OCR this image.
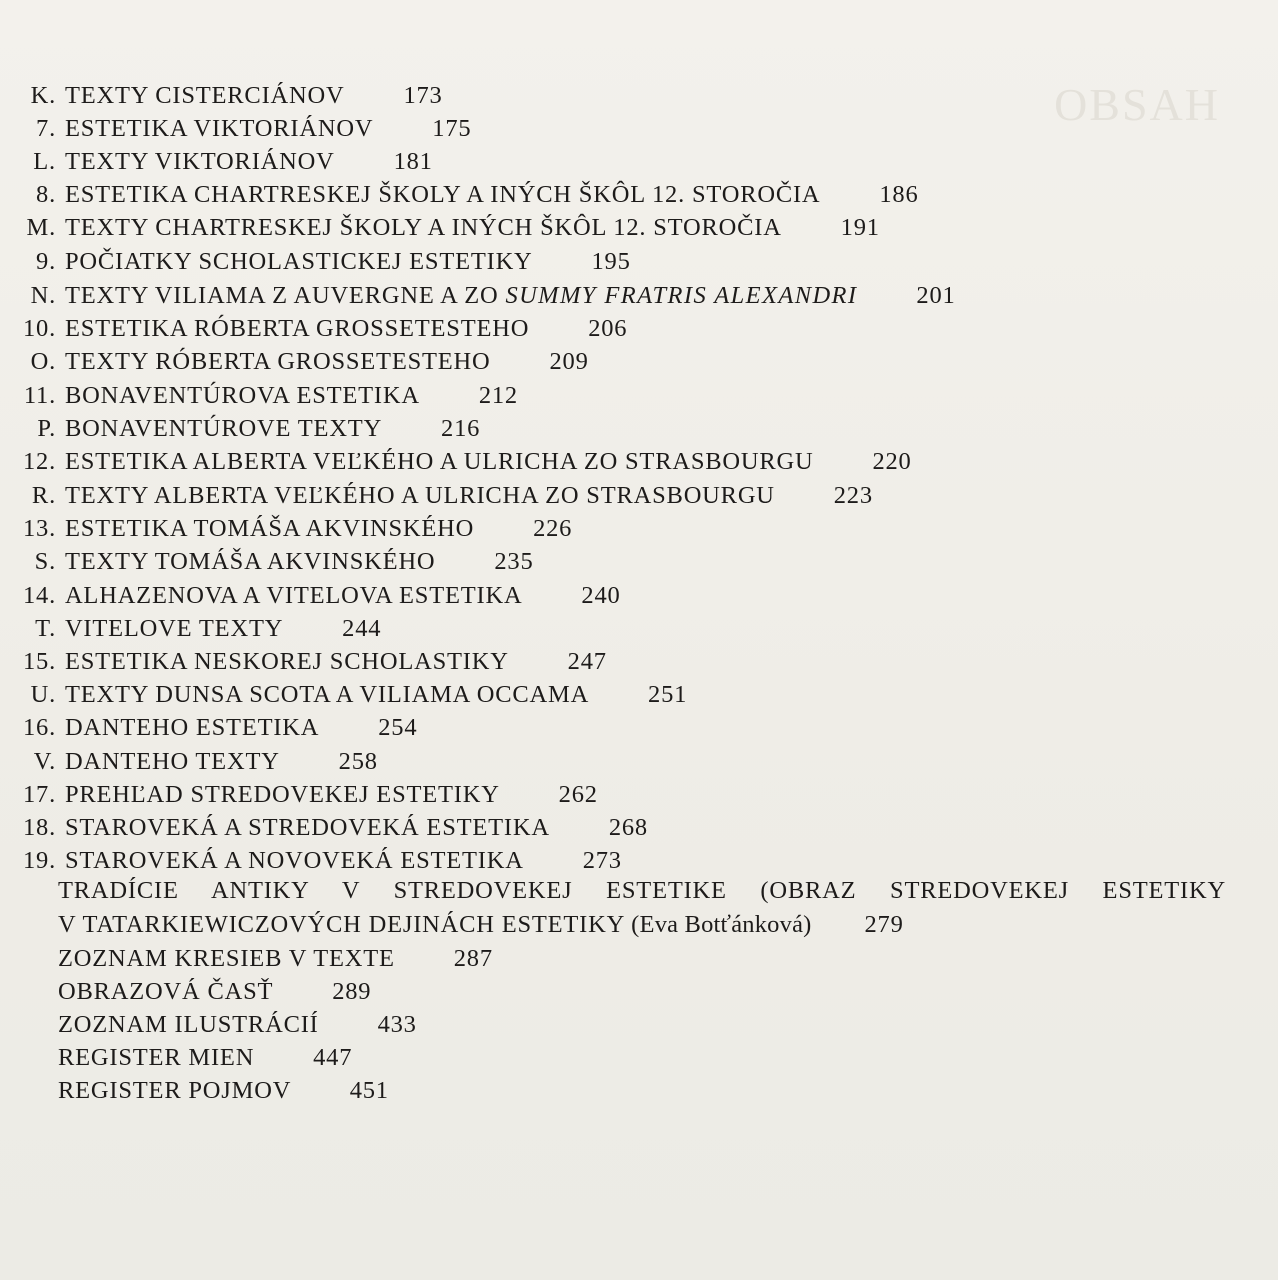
OBSAH
K. TEXTY CISTERCIÁNOV 173
7. ESTETIKA VIKTORIÁNOV 175
L. TEXTY VIKTORIÁNOV 181
8. ESTETIKA CHARTRESKEJ ŠKOLY A INÝCH ŠKÔL 12. STOROČIA 186
M. TEXTY CHARTRESKEJ ŠKOLY A INÝCH ŠKÔL 12. STOROČIA 191
9. POČIATKY SCHOLASTICKEJ ESTETIKY 195
N. TEXTY VILIAMA Z AUVERGNE A ZO SUMMY FRATRIS ALEXANDRI 201
10. ESTETIKA RÓBERTA GROSSETESTEHO 206
O. TEXTY RÓBERTA GROSSETESTEHO 209
11. BONAVENTÚROVA ESTETIKA 212
P. BONAVENTÚROVE TEXTY 216
12. ESTETIKA ALBERTA VEĽKÉHO A ULRICHA ZO STRASBOURGU 220
R. TEXTY ALBERTA VEĽKÉHO A ULRICHA ZO STRASBOURGU 223
13. ESTETIKA TOMÁŠA AKVINSKÉHO 226
S. TEXTY TOMÁŠA AKVINSKÉHO 235
14. ALHAZENOVA A VITELOVA ESTETIKA 240
T. VITELOVE TEXTY 244
15. ESTETIKA NESKOREJ SCHOLASTIKY 247
U. TEXTY DUNSA SCOTA A VILIAMA OCCAMA 251
16. DANTEHO ESTETIKA 254
V. DANTEHO TEXTY 258
17. PREHĽAD STREDOVEKEJ ESTETIKY 262
18. STAROVEKÁ A STREDOVEKÁ ESTETIKA 268
19. STAROVEKÁ A NOVOVEKÁ ESTETIKA 273
TRADÍCIE ANTIKY V STREDOVEKEJ ESTETIKE (OBRAZ STREDOVEKEJ ESTETIKY
V TATARKIEWICZOVÝCH DEJINÁCH ESTETIKY (Eva Botťánková) 279
ZOZNAM KRESIEB V TEXTE 287
OBRAZOVÁ ČASŤ 289
ZOZNAM ILUSTRÁCIÍ 433
REGISTER MIEN 447
REGISTER POJMOV 451
